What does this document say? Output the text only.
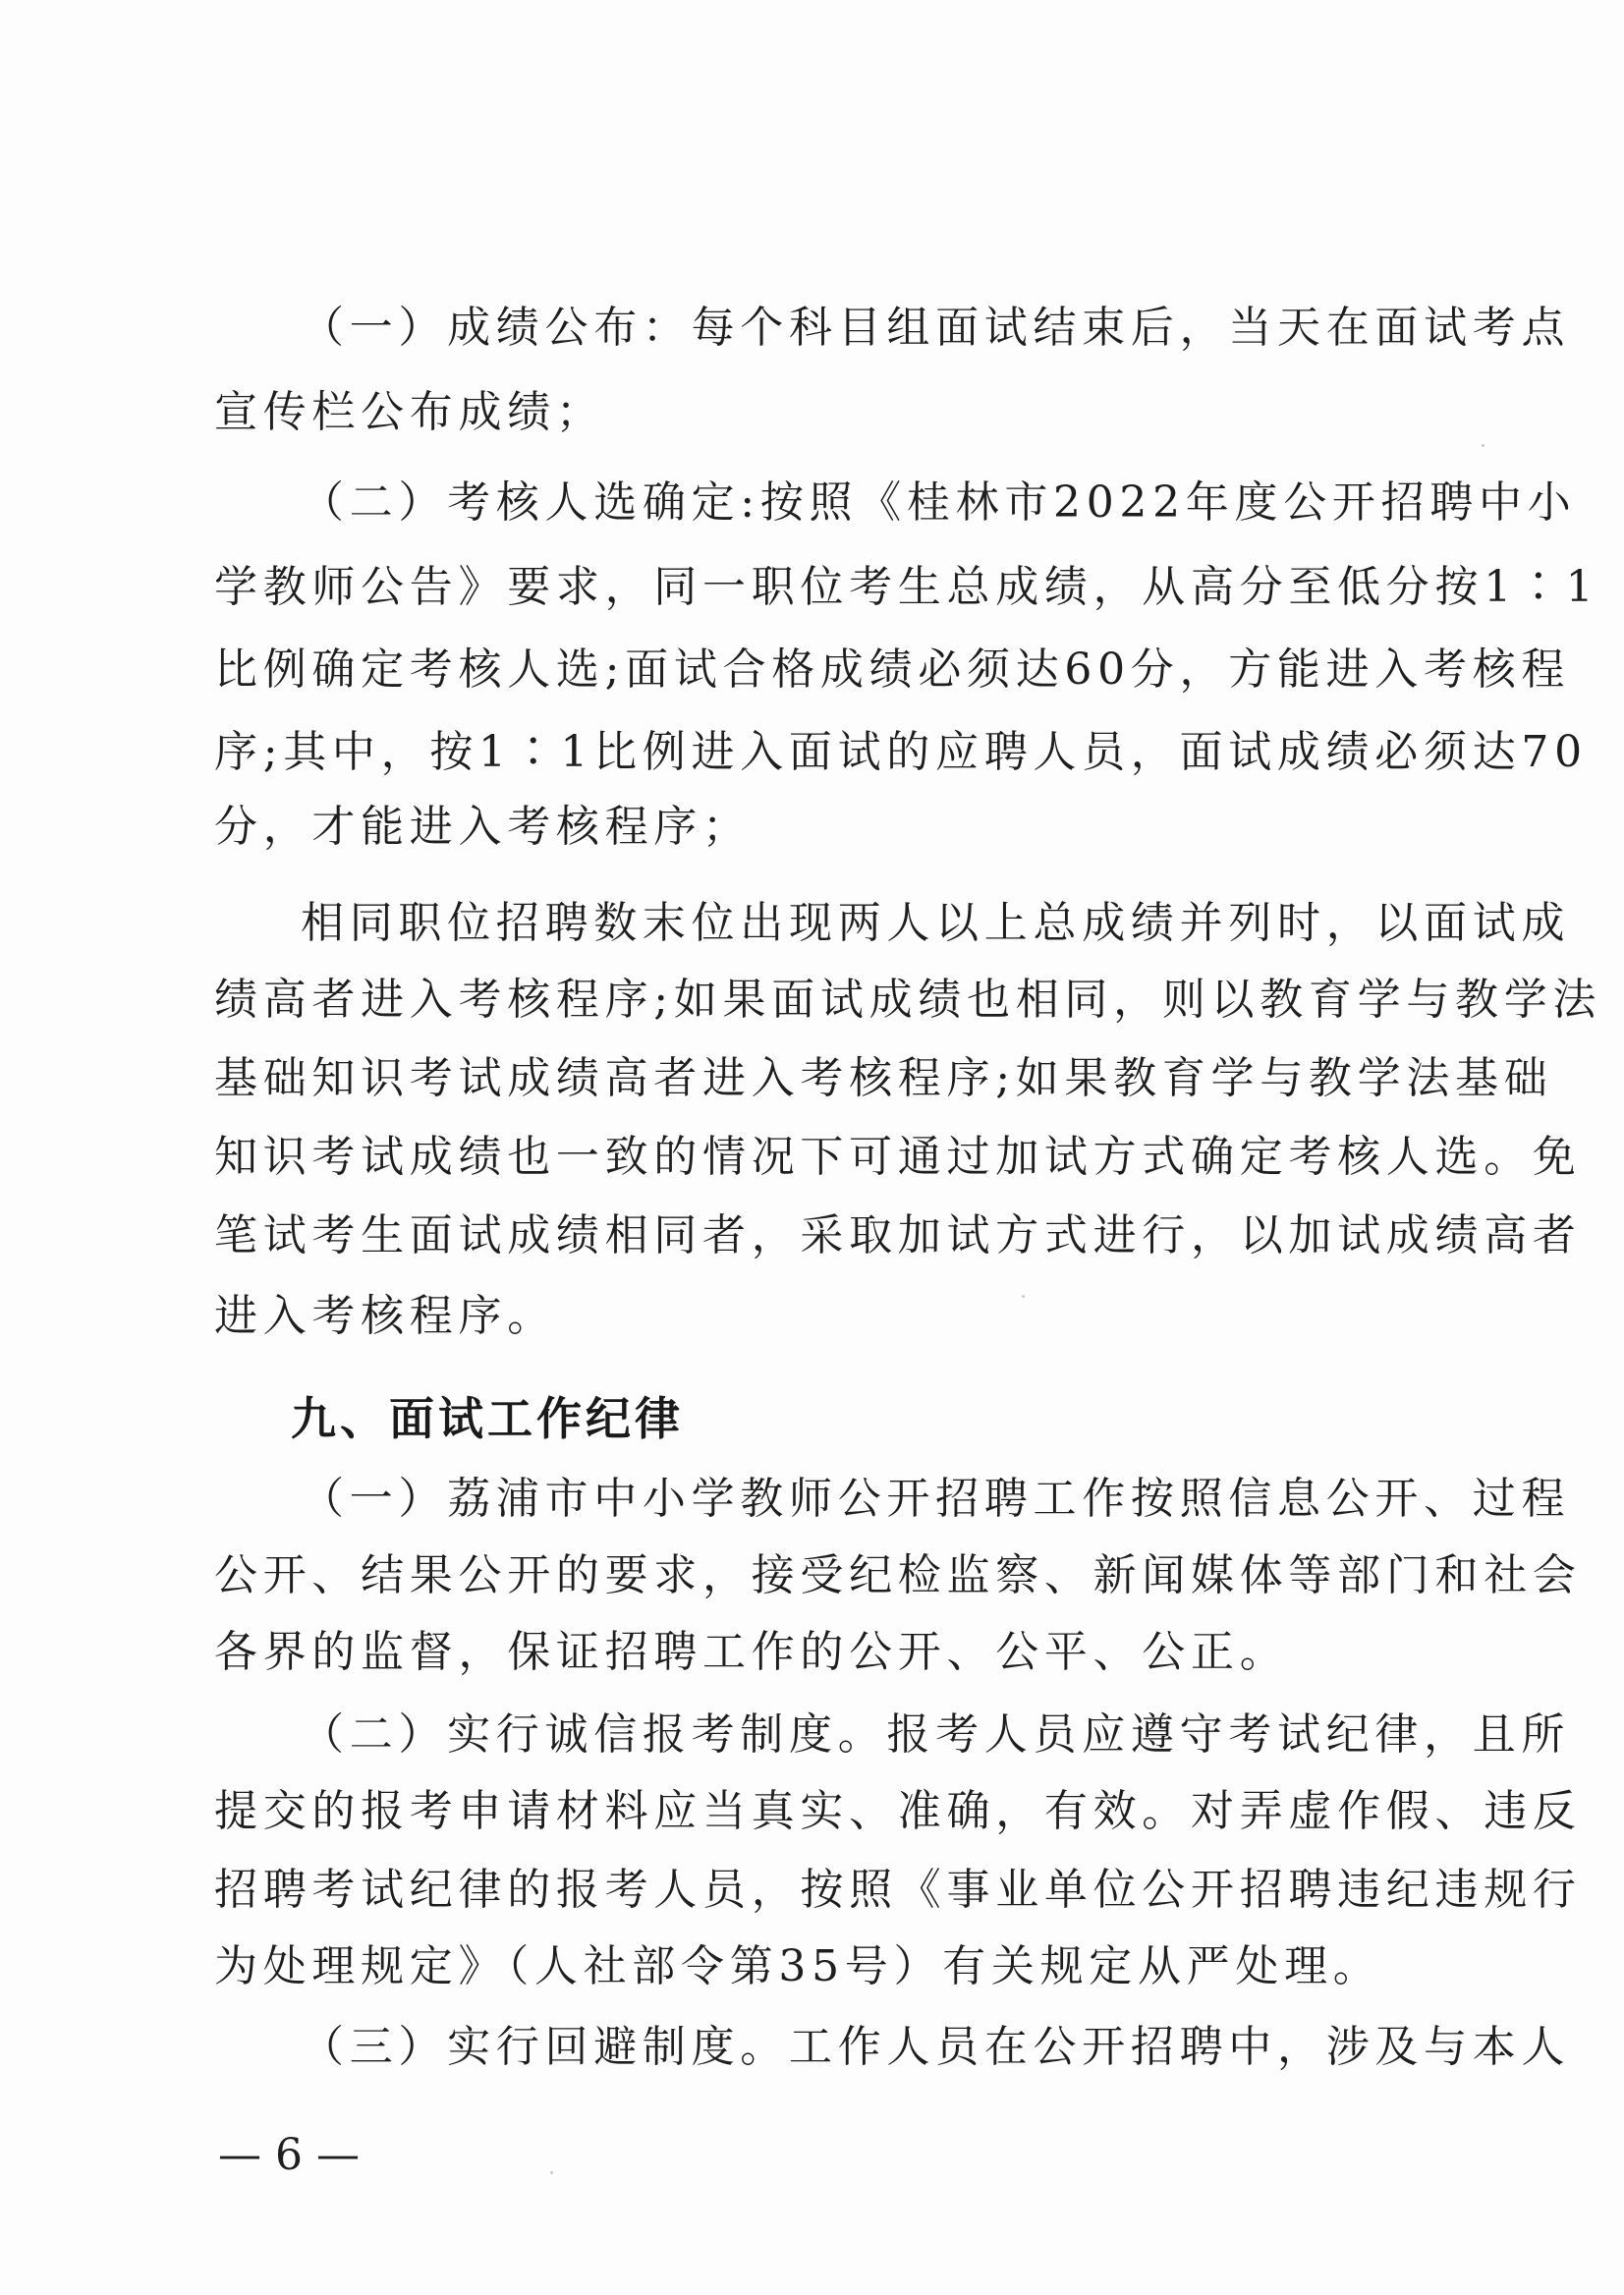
（一）成绩公布：每个科目组面试结束后，当天在面试考点

宣传栏公布成绩；

（二）考核人选确定:按照《桂林市2022年度公开招聘中小

学教师公告》要求，同一职位考生总成绩，从高分至低分按1∶1

比例确定考核人选;面试合格成绩必须达60分，方能进入考核程

序;其中，按1∶1比例进入面试的应聘人员，面试成绩必须达70

分，才能进入考核程序；

相同职位招聘数末位出现两人以上总成绩并列时，以面试成

绩高者进入考核程序;如果面试成绩也相同，则以教育学与教学法

基础知识考试成绩高者进入考核程序;如果教育学与教学法基础

知识考试成绩也一致的情况下可通过加试方式确定考核人选。免

笔试考生面试成绩相同者，采取加试方式进行，以加试成绩高者

进入考核程序。

九、面试工作纪律

（一）荔浦市中小学教师公开招聘工作按照信息公开、过程

公开、结果公开的要求，接受纪检监察、新闻媒体等部门和社会

各界的监督，保证招聘工作的公开、公平、公正。

（二）实行诚信报考制度。报考人员应遵守考试纪律，且所

提交的报考申请材料应当真实、准确，有效。对弄虚作假、违反

招聘考试纪律的报考人员，按照《事业单位公开招聘违纪违规行

为处理规定》（人社部令第35号）有关规定从严处理。

（三）实行回避制度。工作人员在公开招聘中，涉及与本人

— 6 —
